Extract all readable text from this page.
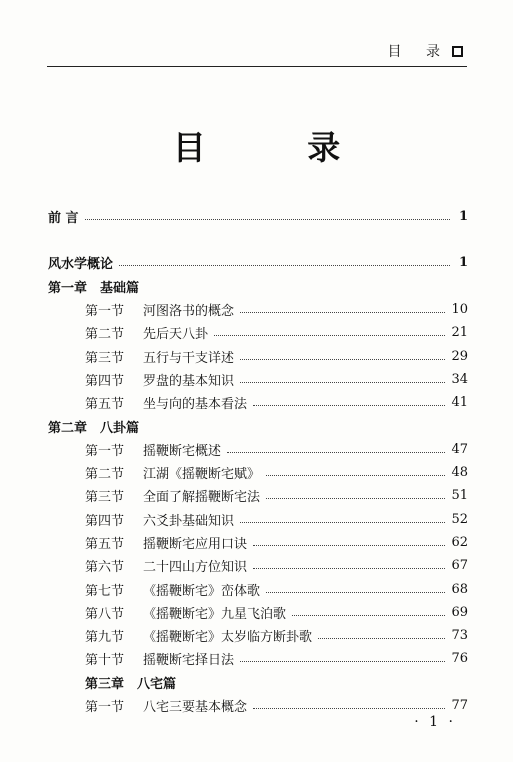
目 录
目 录
前 言	1
风水学概论	1
第一章　基础篇
第一节	河图洛书的概念	10
第二节	先后天八卦	21
第三节	五行与干支详述	29
第四节	罗盘的基本知识	34
第五节	坐与向的基本看法	41
第二章　八卦篇
第一节	摇鞭断宅概述	47
第二节	江湖《摇鞭断宅赋》	48
第三节	全面了解摇鞭断宅法	51
第四节	六爻卦基础知识	52
第五节	摇鞭断宅应用口诀	62
第六节	二十四山方位知识	67
第七节	《摇鞭断宅》峦体歌	68
第八节	《摇鞭断宅》九星飞泊歌	69
第九节	《摇鞭断宅》太岁临方断卦歌	73
第十节	摇鞭断宅择日法	76
第三章　八宅篇
第一节	八宅三要基本概念	77
· 1 ·
